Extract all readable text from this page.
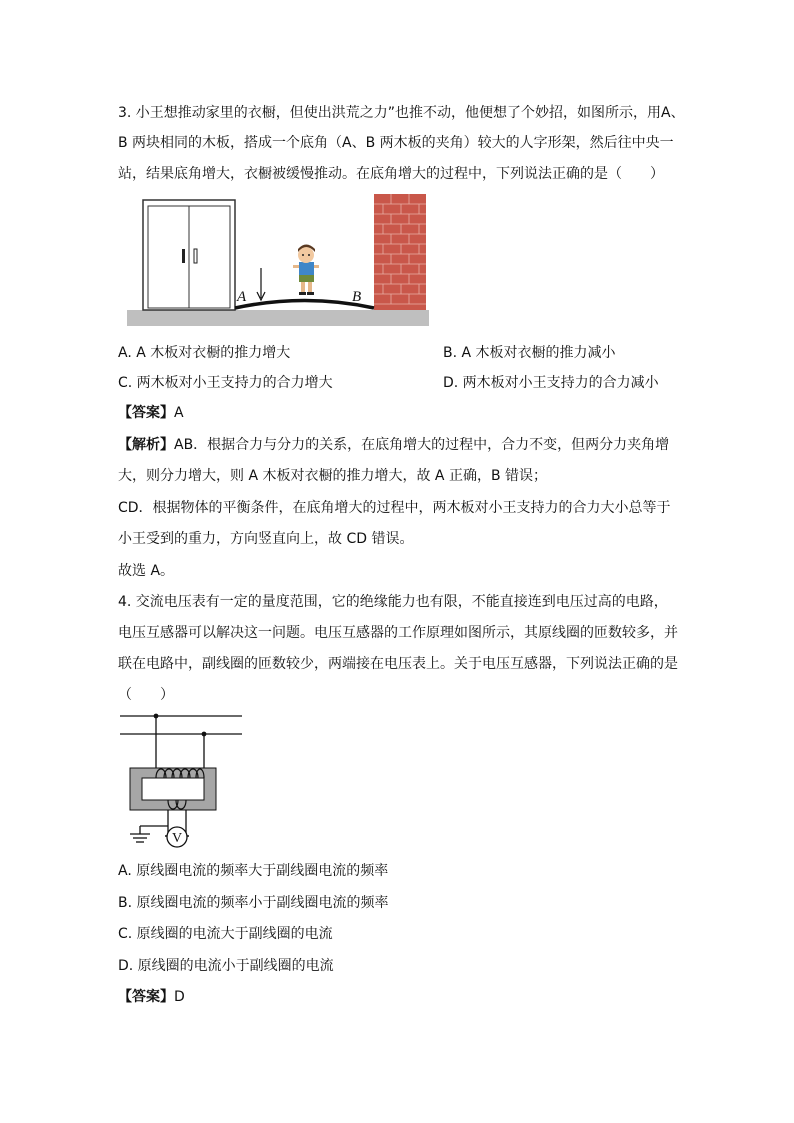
3. 小王想推动家里的衣橱，但使出洪荒之力”也推不动，他便想了个妙招，如图所示，用A、
B 两块相同的木板，搭成一个底角（A、B 两木板的夹角）较大的人字形架，然后往中央一
站，结果底角增大，衣橱被缓慢推动。在底角增大的过程中，下列说法正确的是（　　）
A	B
A. A 木板对衣橱的推力增大	B. A 木板对衣橱的推力减小
C. 两木板对小王支持力的合力增大	D. 两木板对小王支持力的合力减小
【答案】A
【解析】AB．根据合力与分力的关系，在底角增大的过程中，合力不变，但两分力夹角增
大，则分力增大，则 A 木板对衣橱的推力增大，故 A 正确，B 错误；
CD．根据物体的平衡条件，在底角增大的过程中，两木板对小王支持力的合力大小总等于
小王受到的重力，方向竖直向上，故 CD 错误。
故选 A。
4. 交流电压表有一定的量度范围，它的绝缘能力也有限，不能直接连到电压过高的电路，
电压互感器可以解决这一问题。电压互感器的工作原理如图所示，其原线圈的匝数较多，并
联在电路中，副线圈的匝数较少，两端接在电压表上。关于电压互感器，下列说法正确的是
（　　）
V
A. 原线圈电流的频率大于副线圈电流的频率
B. 原线圈电流的频率小于副线圈电流的频率
C. 原线圈的电流大于副线圈的电流
D. 原线圈的电流小于副线圈的电流
【答案】D
